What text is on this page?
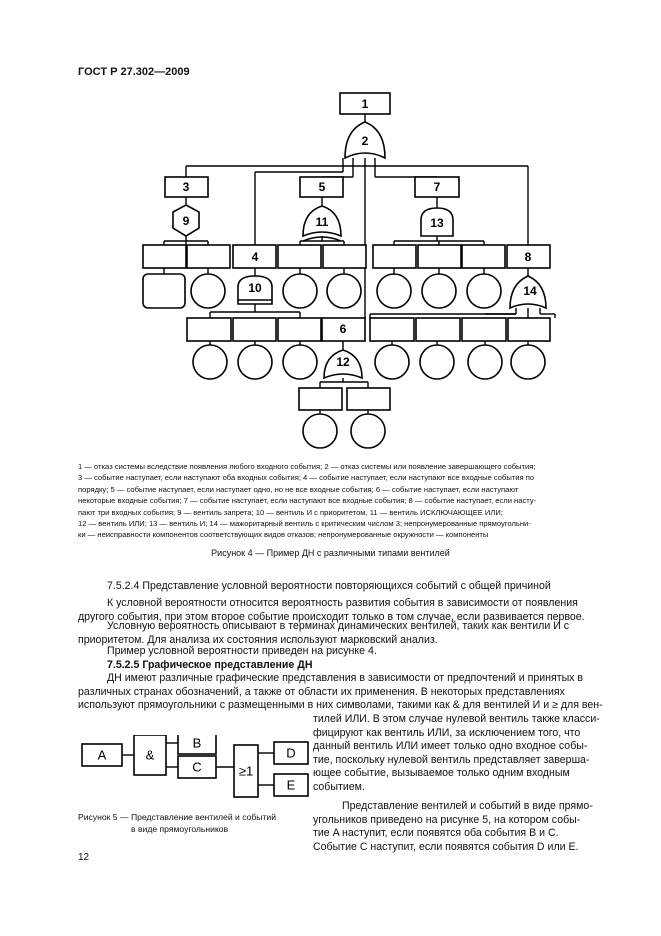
ГОСТ Р 27.302—2009
1
3	5	7
4	8
6
2
9	11	13
10	14
12
1 — отказ системы вследствие появления любого входного события; 2 — отказ системы или появление завершающего события;
3 — событие наступает, если наступают оба входных события; 4 — событие наступает, если наступают все входные события по
порядку; 5 — событие наступает, если наступает одно, но не все входные события; 6 — событие наступает, если наступают
некоторые входные события; 7 — событие наступает, если наступают все входные события; 8 — событие наступает, если насту-
пают три входных события; 9 — вентиль запрета; 10 — вентиль И с приоритетом, 11 — вентиль ИСКЛЮЧАЮЩЕЕ ИЛИ;
12 — вентиль ИЛИ; 13 — вентиль И; 14 — мажоритарный вентиль с критическим числом 3; непронумерованные прямоугольни-
ки — неисправности компонентов соответствующих видов отказов; непронумерованные окружности — компоненты
Рисунок 4 — Пример ДН с различными типами вентилей
7.5.2.4 Представление условной вероятности повторяющихся событий с общей причиной
К условной вероятности относится вероятность развития события в зависимости от появления
другого события, при этом второе событие происходит только в том случае, если развивается первое.
Условную вероятность описывают в терминах динамических вентилей, таких как вентили И с
приоритетом. Для анализа их состояния используют марковский анализ.
Пример условной вероятности приведен на рисунке 4.
7.5.2.5 Графическое представление ДН
ДН имеют различные графические представления в зависимости от предпочтений и принятых в
различных странах обозначений, а также от области их применения. В некоторых представлениях
используют прямоугольники с размещенными в них символами, такими как & для вентилей И и ≥ для вен-
тилей ИЛИ. В этом случае нулевой вентиль также класси-
фицируют как вентиль ИЛИ, за исключением того, что
данный вентиль ИЛИ имеет только одно входное собы-
тие, поскольку нулевой вентиль представляет заверша-
ющее событие, вызываемое только одним входным
событием.
Представление вентилей и событий в виде прямо-
угольников приведено на рисунке 5, на котором собы-
тие A наступит, если появятся оба события B и C.
Событие C наступит, если появятся события D или E.
A	&
B
C	≥1
D
E
Рисунок 5 — Представление вентилей и событий
в виде прямоугольников
12
